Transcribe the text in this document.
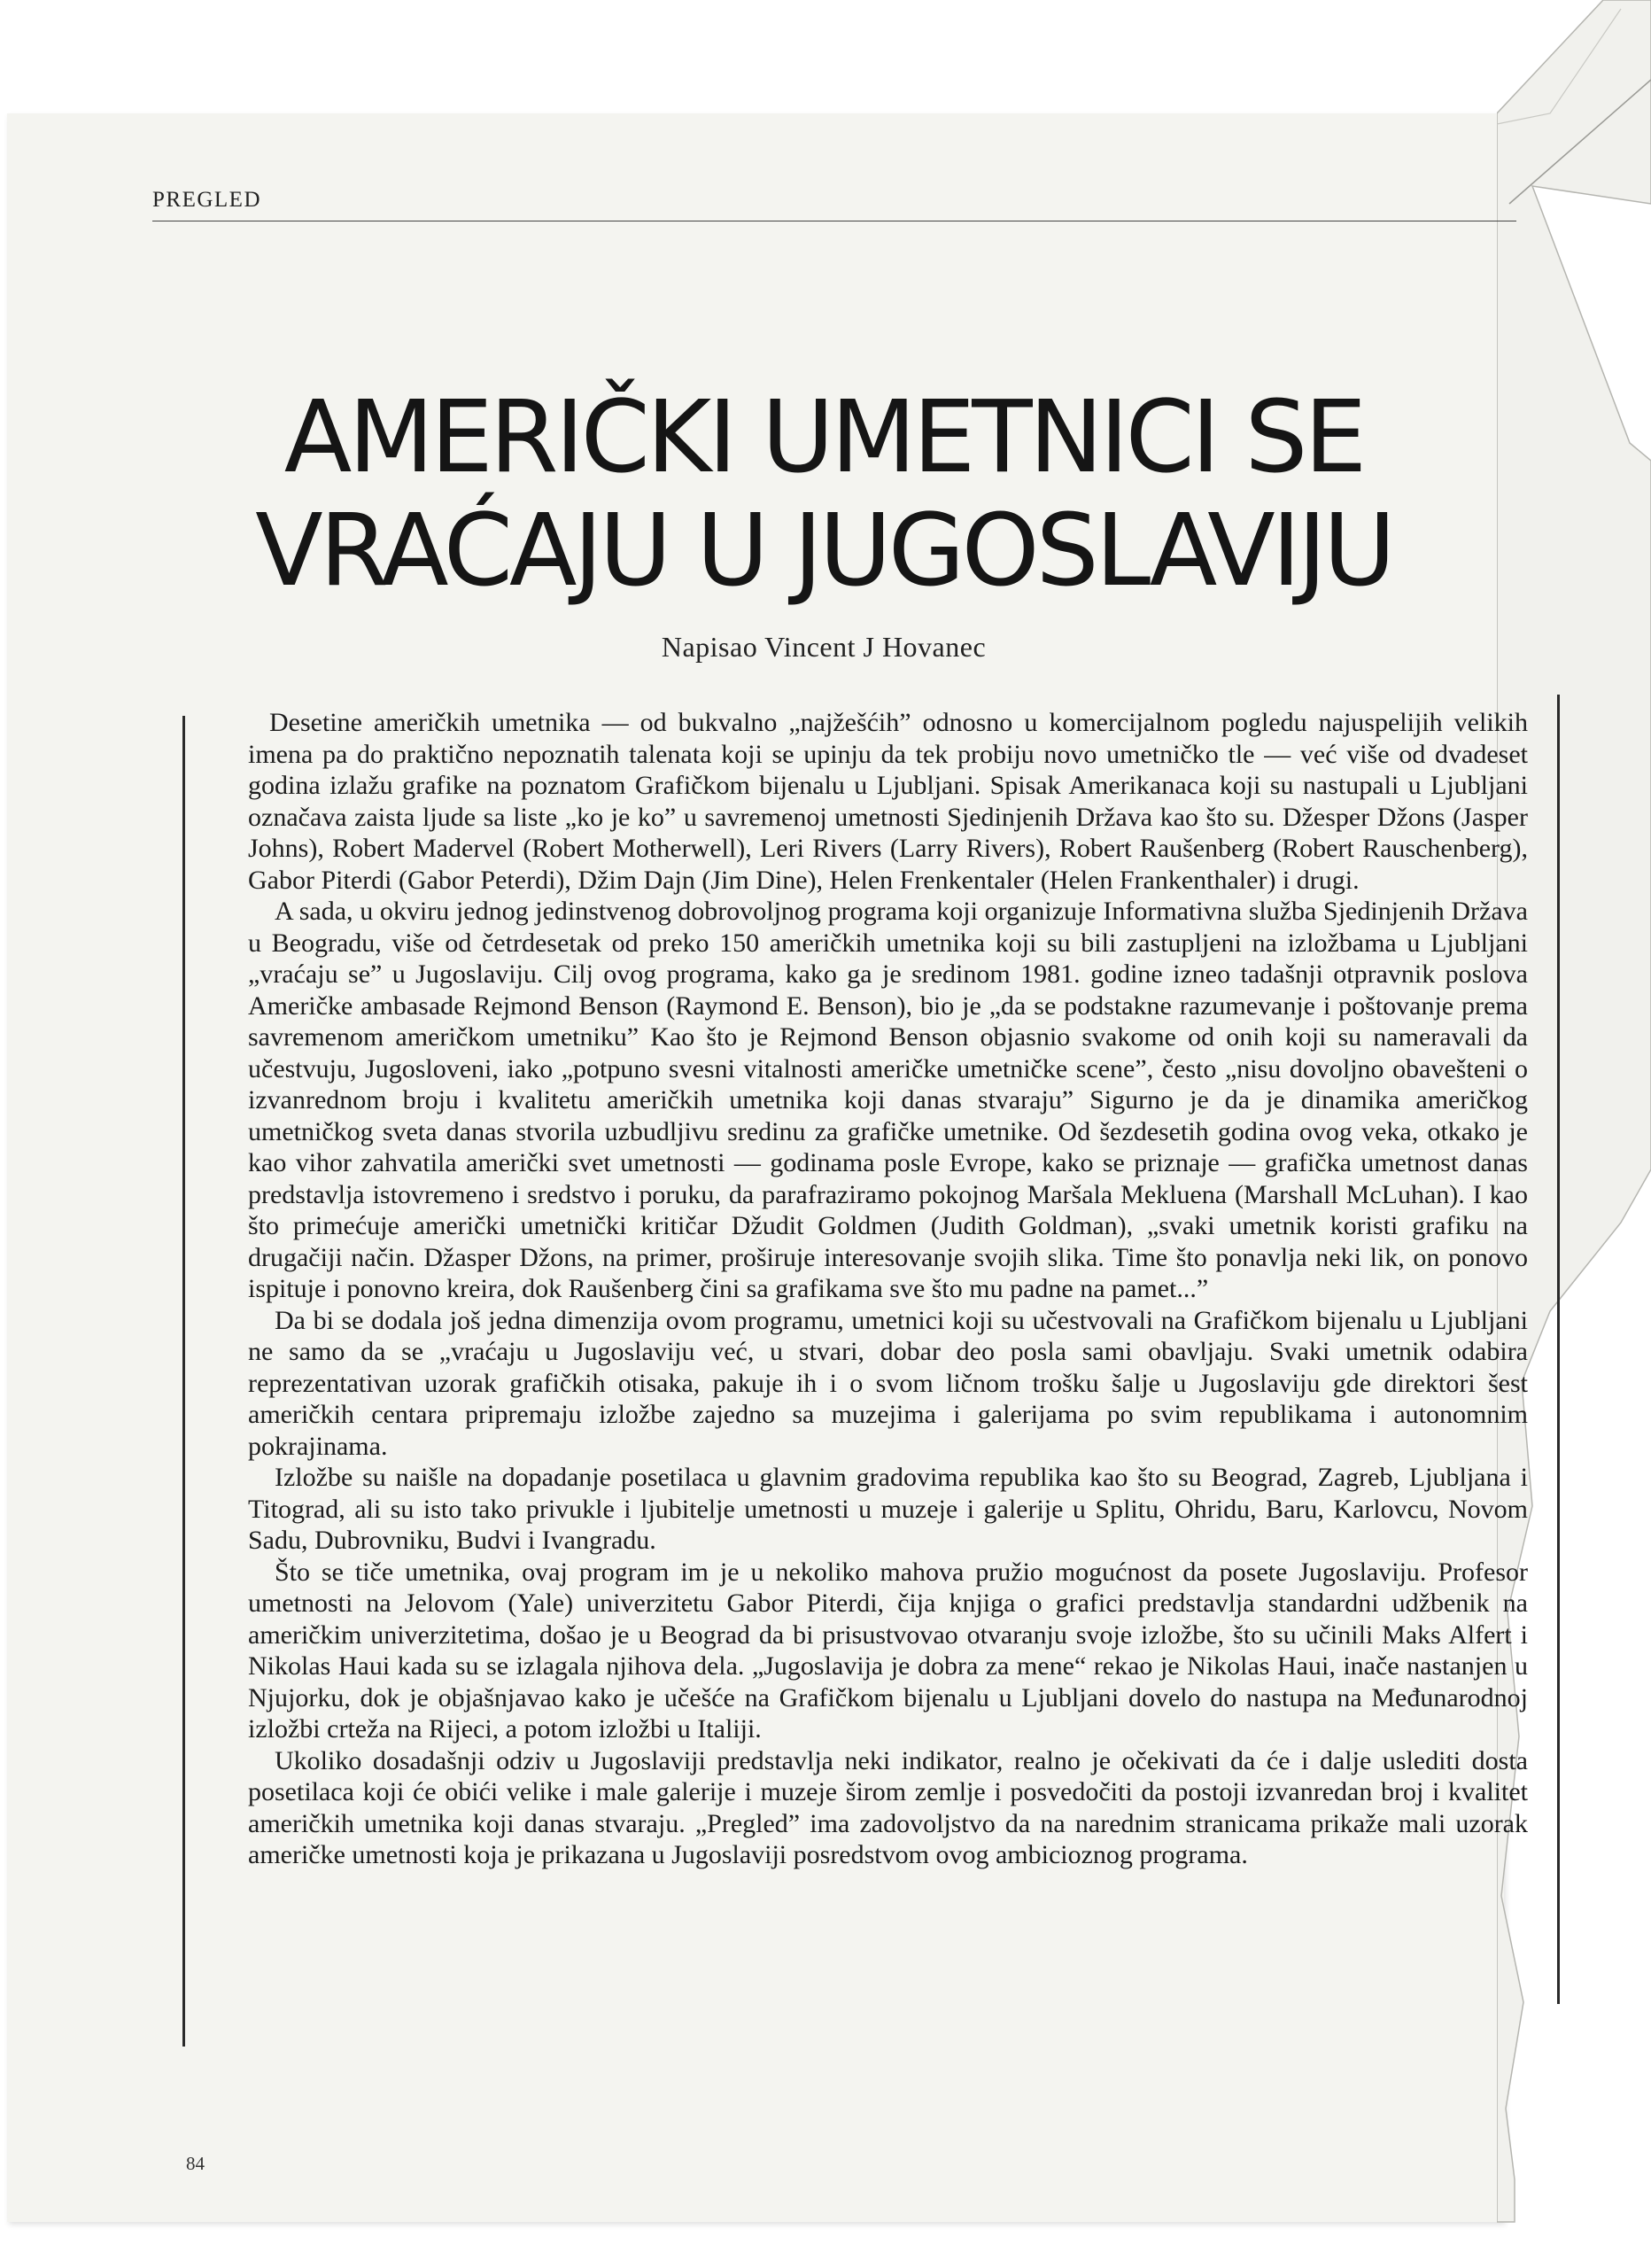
PREGLED
AMERIČKI UMETNICI SE
VRAĆAJU U JUGOSLAVIJU
Napisao Vincent J Hovanec

Desetine američkih umetnika — od bukvalno „najžešćih” odnosno u komercijalnom pogledu najuspelijih velikih imena pa do praktično nepoznatih talenata koji se upinju da tek probiju novo umetničko tle — već više od dvadeset godina izlažu grafike na poznatom Grafičkom bijenalu u Ljubljani. Spisak Amerikanaca koji su nastupali u Ljubljani označava zaista ljude sa liste „ko je ko” u savremenoj umetnosti Sjedinjenih Država kao što su. Džesper Džons (Jasper Johns), Robert Madervel (Robert Motherwell), Leri Rivers (Larry Rivers), Robert Raušenberg (Robert Rauschenberg), Gabor Piterdi (Gabor Peterdi), Džim Dajn (Jim Dine), Helen Frenkentaler (Helen Frankenthaler) i drugi.

A sada, u okviru jednog jedinstvenog dobrovoljnog programa koji organizuje Informativna služba Sjedinjenih Država u Beogradu, više od četrdesetak od preko 150 američkih umetnika koji su bili zastupljeni na izložbama u Ljubljani „vraćaju se” u Jugoslaviju. Cilj ovog programa, kako ga je sredinom 1981. godine izneo tadašnji otpravnik poslova Američke ambasade Rejmond Benson (Raymond E. Benson), bio je „da se podstakne razumevanje i poštovanje prema savremenom američkom umetniku” Kao što je Rejmond Benson objasnio svakome od onih koji su nameravali da učestvuju, Jugosloveni, iako „potpuno svesni vitalnosti američke umetničke scene”, često „nisu dovoljno obavešteni o izvanrednom broju i kvalitetu američkih umetnika koji danas stvaraju” Sigurno je da je dinamika američkog umetničkog sveta danas stvorila uzbudljivu sredinu za grafičke umetnike. Od šezdesetih godina ovog veka, otkako je kao vihor zahvatila američki svet umetnosti — godinama posle Evrope, kako se priznaje — grafička umetnost danas predstavlja istovremeno i sredstvo i poruku, da parafraziramo pokojnog Maršala Mekluena (Marshall McLuhan). I kao što primećuje američki umetnički kritičar Džudit Goldmen (Judith Goldman), „svaki umetnik koristi grafiku na drugačiji način. Džasper Džons, na primer, proširuje interesovanje svojih slika. Time što ponavlja neki lik, on ponovo ispituje i ponovno kreira, dok Raušenberg čini sa grafikama sve što mu padne na pamet...”

Da bi se dodala još jedna dimenzija ovom programu, umetnici koji su učestvovali na Grafičkom bijenalu u Ljubljani ne samo da se „vraćaju u Jugoslaviju već, u stvari, dobar deo posla sami obavljaju. Svaki umetnik odabira reprezentativan uzorak grafičkih otisaka, pakuje ih i o svom ličnom trošku šalje u Jugoslaviju gde direktori šest američkih centara pripremaju izložbe zajedno sa muzejima i galerijama po svim republikama i autonomnim pokrajinama.

Izložbe su naišle na dopadanje posetilaca u glavnim gradovima republika kao što su Beograd, Zagreb, Ljubljana i Titograd, ali su isto tako privukle i ljubitelje umetnosti u muzeje i galerije u Splitu, Ohridu, Baru, Karlovcu, Novom Sadu, Dubrovniku, Budvi i Ivangradu.

Što se tiče umetnika, ovaj program im je u nekoliko mahova pružio mogućnost da posete Jugoslaviju. Profesor umetnosti na Jelovom (Yale) univerzitetu Gabor Piterdi, čija knjiga o grafici predstavlja standardni udžbenik na američkim univerzitetima, došao je u Beograd da bi prisustvovao otvaranju svoje izložbe, što su učinili Maks Alfert i Nikolas Haui kada su se izlagala njihova dela. „Jugoslavija je dobra za mene“ rekao je Nikolas Haui, inače nastanjen u Njujorku, dok je objašnjavao kako je učešće na Grafičkom bijenalu u Ljubljani dovelo do nastupa na Međunarodnoj izložbi crteža na Rijeci, a potom izložbi u Italiji.

Ukoliko dosadašnji odziv u Jugoslaviji predstavlja neki indikator, realno je očekivati da će i dalje uslediti dosta posetilaca koji će obići velike i male galerije i muzeje širom zemlje i posvedočiti da postoji izvanredan broj i kvalitet američkih umetnika koji danas stvaraju. „Pregled” ima zadovoljstvo da na narednim stranicama prikaže mali uzorak američke umetnosti koja je prikazana u Jugoslaviji posredstvom ovog ambicioznog programa.

84
